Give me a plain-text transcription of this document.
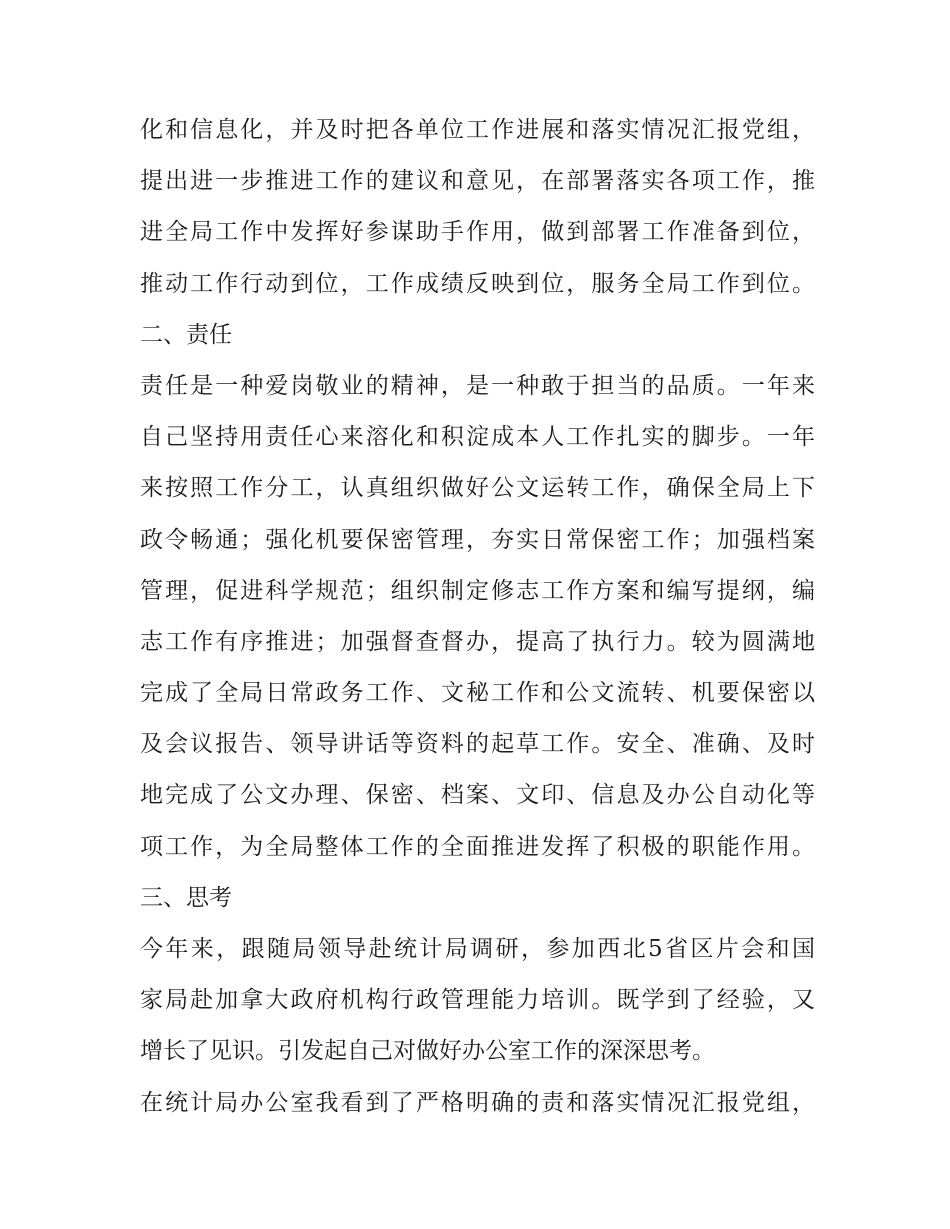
化和信息化，并及时把各单位工作进展和落实情况汇报党组，
提出进一步推进工作的建议和意见，在部署落实各项工作，推
进全局工作中发挥好参谋助手作用，做到部署工作准备到位，
推动工作行动到位，工作成绩反映到位，服务全局工作到位。
二、责任
责任是一种爱岗敬业的精神，是一种敢于担当的品质。一年来
自己坚持用责任心来溶化和积淀成本人工作扎实的脚步。一年
来按照工作分工，认真组织做好公文运转工作，确保全局上下
政令畅通；强化机要保密管理，夯实日常保密工作；加强档案
管理，促进科学规范；组织制定修志工作方案和编写提纲，编
志工作有序推进；加强督查督办，提高了执行力。较为圆满地
完成了全局日常政务工作、文秘工作和公文流转、机要保密以
及会议报告、领导讲话等资料的起草工作。安全、准确、及时
地完成了公文办理、保密、档案、文印、信息及办公自动化等
项工作，为全局整体工作的全面推进发挥了积极的职能作用。
三、思考
今年来，跟随局领导赴统计局调研，参加西北5省区片会和国
家局赴加拿大政府机构行政管理能力培训。既学到了经验，又
增长了见识。引发起自己对做好办公室工作的深深思考。
在统计局办公室我看到了严格明确的责和落实情况汇报党组，
